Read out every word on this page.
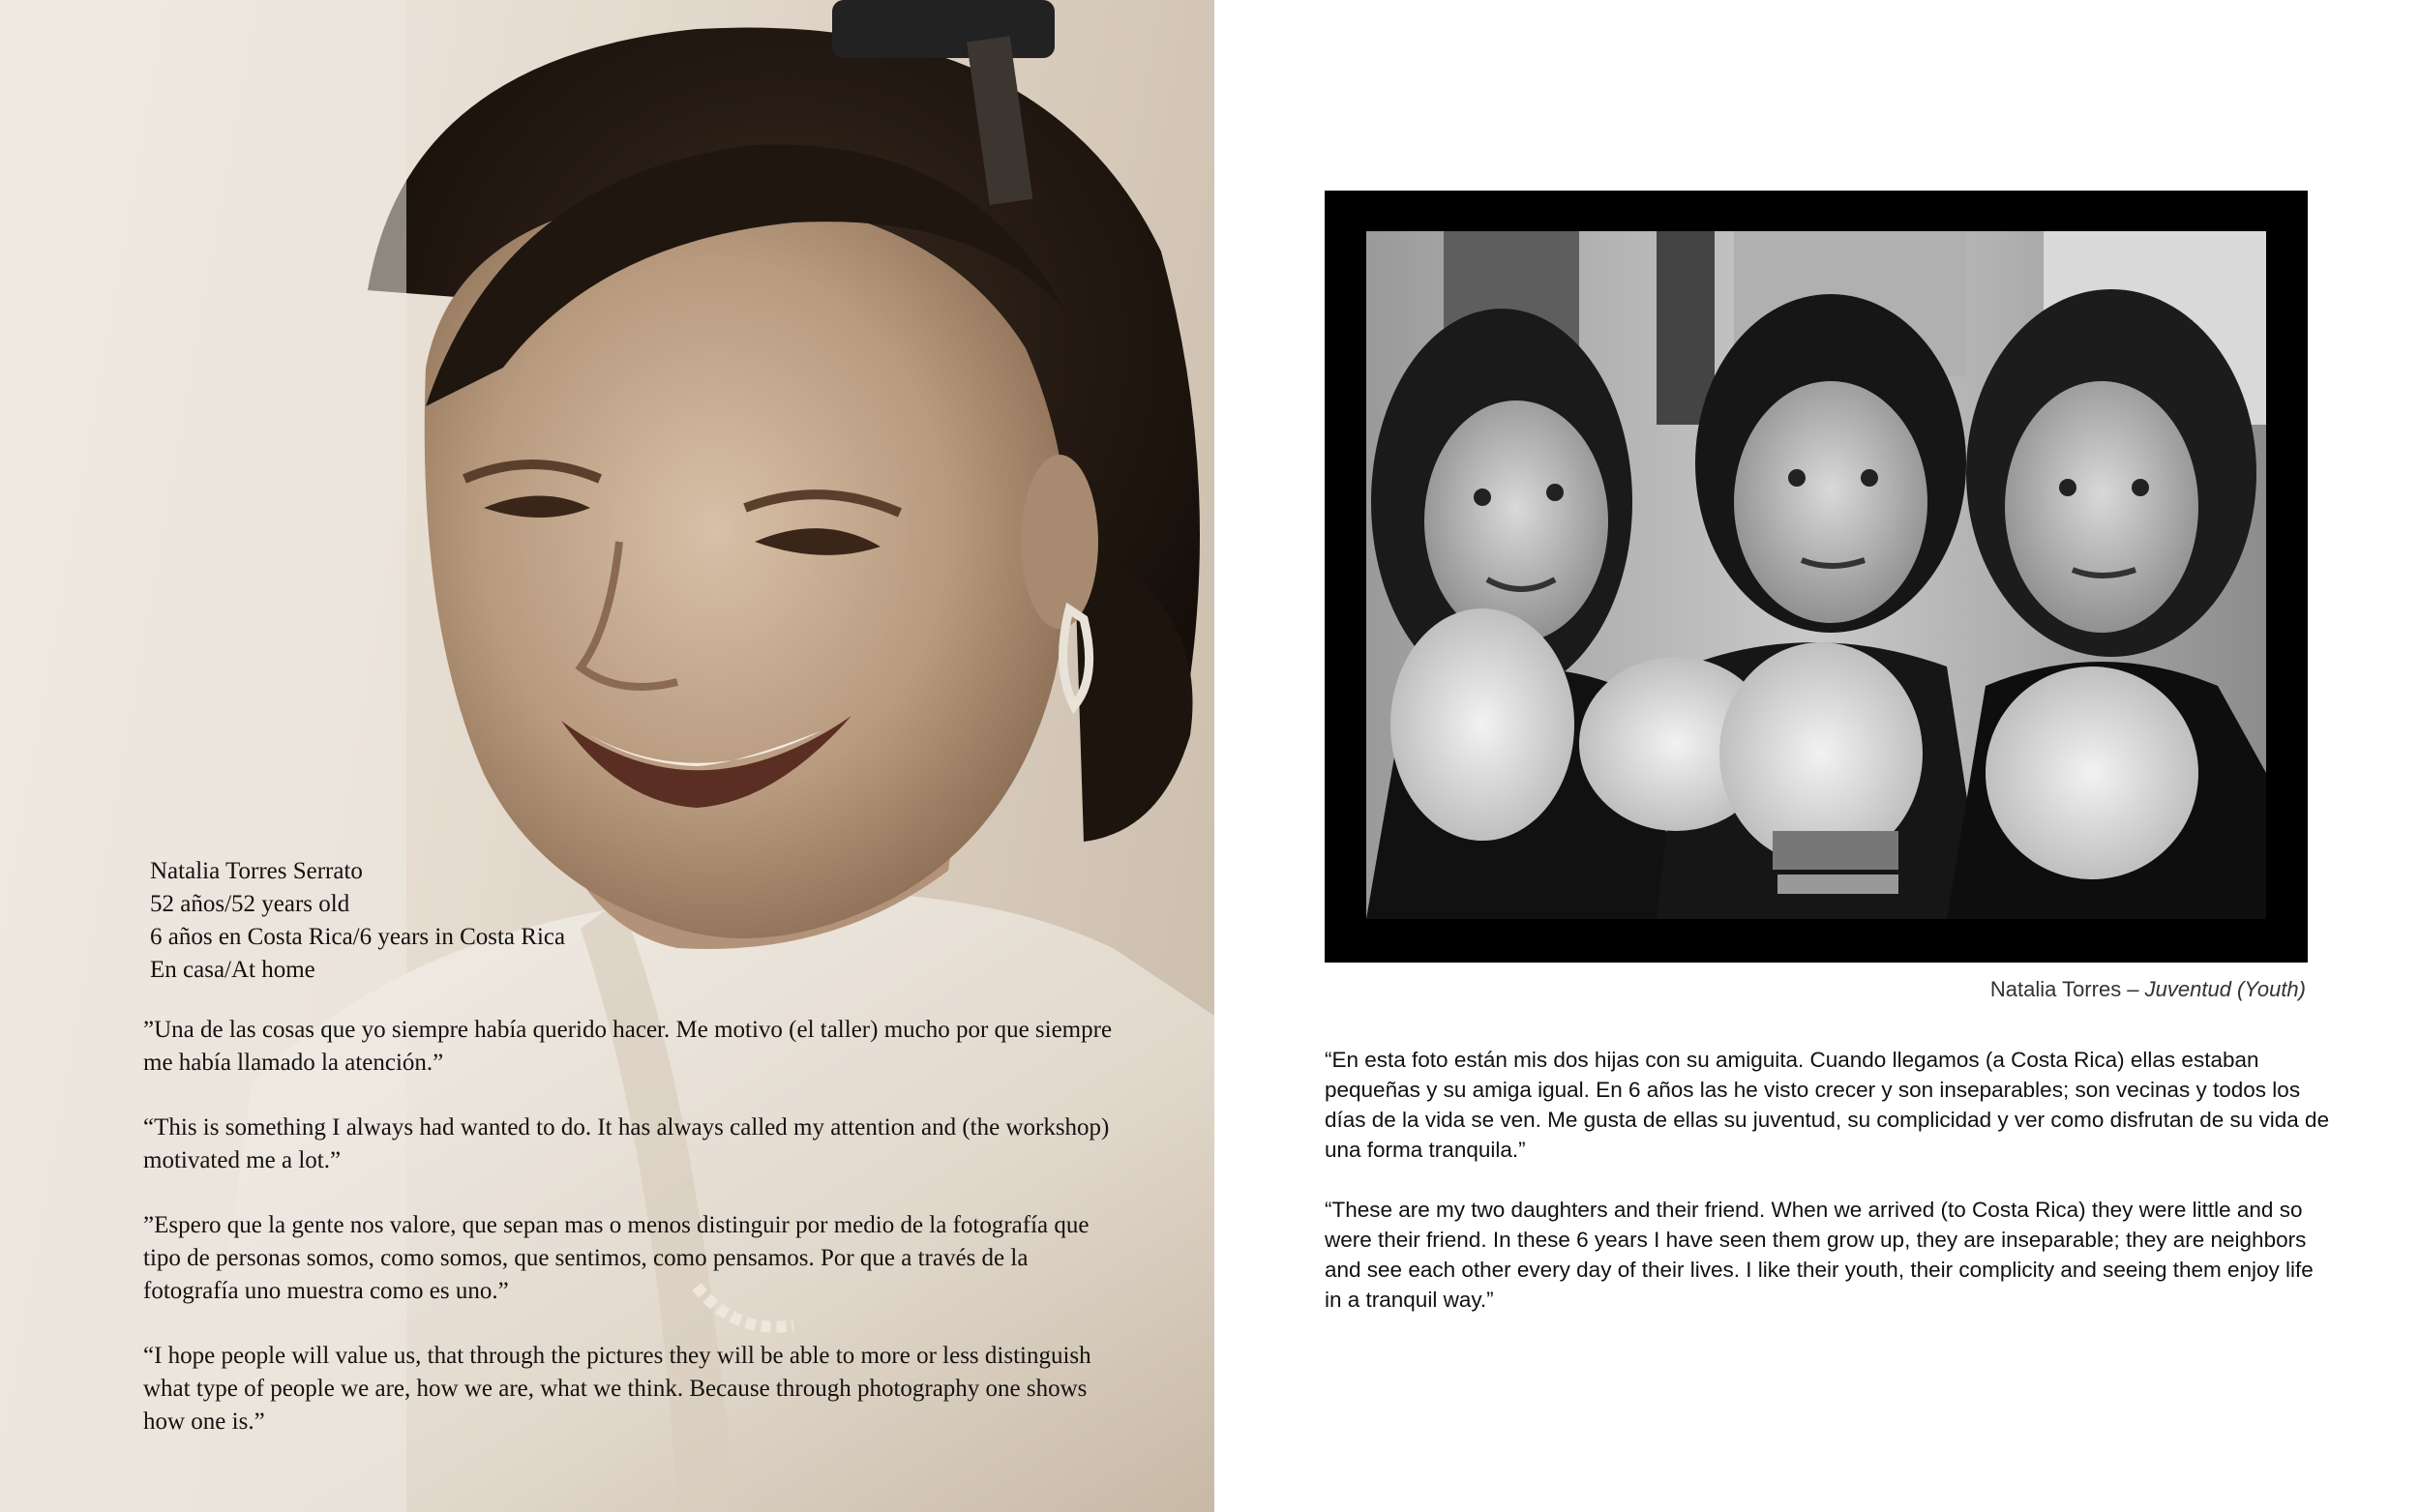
Natalia Torres Serrato
52 años/52 years old
6 años en Costa Rica/6 years in Costa Rica
En casa/At home

”Una de las cosas que yo siempre había querido hacer. Me motivo (el taller) mucho por que siempre me había llamado la atención.”

“This is something I always had wanted to do. It has always called my attention and (the workshop) motivated me a lot.”

”Espero que la gente nos valore, que sepan mas o menos distinguir por medio de la fotografía que tipo de personas somos, como somos, que sentimos, como pensamos. Por que a través de la fotografía uno muestra como es uno.”

“I hope people will value us, that through the pictures they will be able to more or less distinguish what type of people we are, how we are, what we think. Because through photography one shows how one is.”

Natalia Torres – Juventud (Youth)

“En esta foto están mis dos hijas con su amiguita. Cuando llegamos (a Costa Rica) ellas estaban pequeñas y su amiga igual. En 6 años las he visto crecer y son inseparables; son vecinas y todos los días de la vida se ven. Me gusta de ellas su juventud, su complicidad y ver como disfrutan de su vida de una forma tranquila.”

“These are my two daughters and their friend. When we arrived (to Costa Rica) they were little and so were their friend. In these 6 years I have seen them grow up, they are inseparable; they are neighbors and see each other every day of their lives. I like their youth, their complicity and seeing them enjoy life in a tranquil way.”
